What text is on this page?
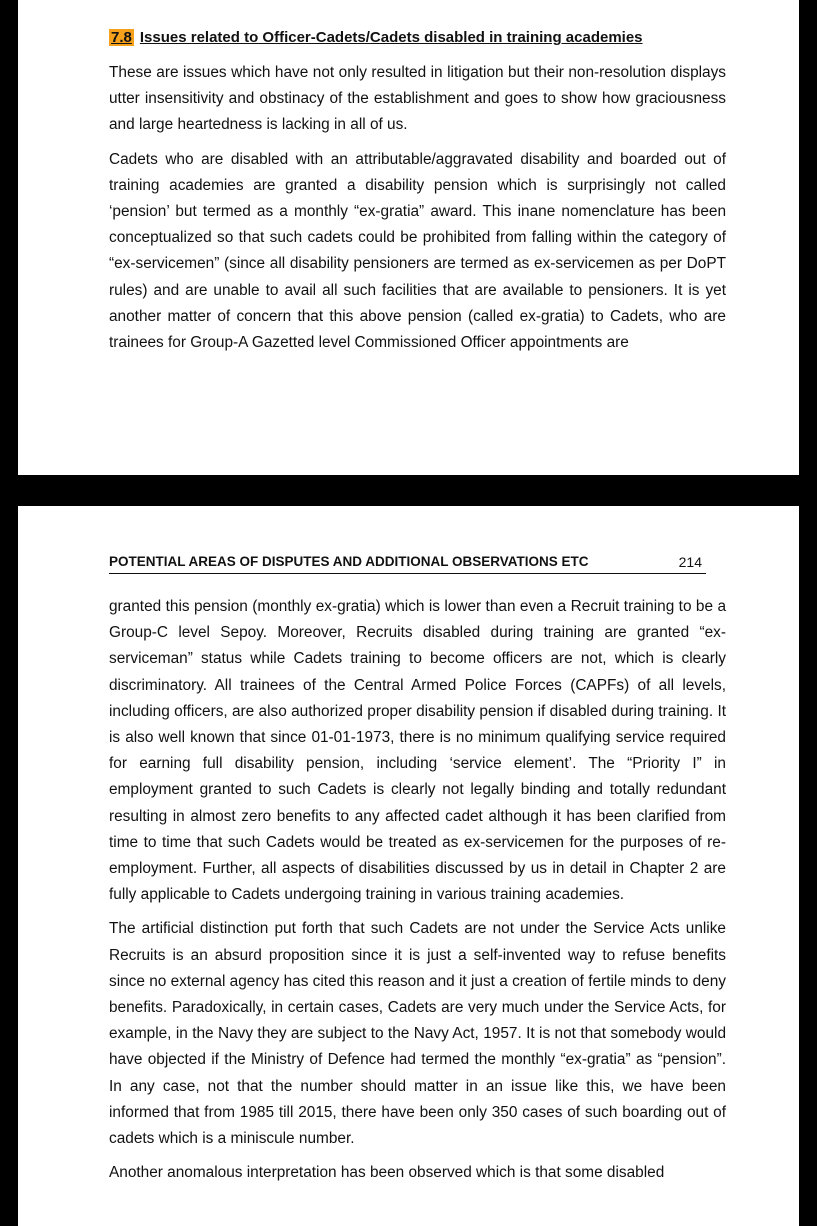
7.8 Issues related to Officer-Cadets/Cadets disabled in training academies

These are issues which have not only resulted in litigation but their non-resolution displays utter insensitivity and obstinacy of the establishment and goes to show how graciousness and large heartedness is lacking in all of us.

Cadets who are disabled with an attributable/aggravated disability and boarded out of training academies are granted a disability pension which is surprisingly not called ‘pension’ but termed as a monthly “ex-gratia” award. This inane nomenclature has been conceptualized so that such cadets could be prohibited from falling within the category of “ex-servicemen” (since all disability pensioners are termed as ex-servicemen as per DoPT rules) and are unable to avail all such facilities that are available to pensioners. It is yet another matter of concern that this above pension (called ex-gratia) to Cadets, who are trainees for Group-A Gazetted level Commissioned Officer appointments are

POTENTIAL AREAS OF DISPUTES AND ADDITIONAL OBSERVATIONS ETC	214

granted this pension (monthly ex-gratia) which is lower than even a Recruit training to be a Group-C level Sepoy. Moreover, Recruits disabled during training are granted “ex-serviceman” status while Cadets training to become officers are not, which is clearly discriminatory. All trainees of the Central Armed Police Forces (CAPFs) of all levels, including officers, are also authorized proper disability pension if disabled during training. It is also well known that since 01-01-1973, there is no minimum qualifying service required for earning full disability pension, including ‘service element’. The “Priority I” in employment granted to such Cadets is clearly not legally binding and totally redundant resulting in almost zero benefits to any affected cadet although it has been clarified from time to time that such Cadets would be treated as ex-servicemen for the purposes of re-employment. Further, all aspects of disabilities discussed by us in detail in Chapter 2 are fully applicable to Cadets undergoing training in various training academies.

The artificial distinction put forth that such Cadets are not under the Service Acts unlike Recruits is an absurd proposition since it is just a self-invented way to refuse benefits since no external agency has cited this reason and it just a creation of fertile minds to deny benefits. Paradoxically, in certain cases, Cadets are very much under the Service Acts, for example, in the Navy they are subject to the Navy Act, 1957. It is not that somebody would have objected if the Ministry of Defence had termed the monthly “ex-gratia” as “pension”. In any case, not that the number should matter in an issue like this, we have been informed that from 1985 till 2015, there have been only 350 cases of such boarding out of cadets which is a miniscule number.

Another anomalous interpretation has been observed which is that some disabled
